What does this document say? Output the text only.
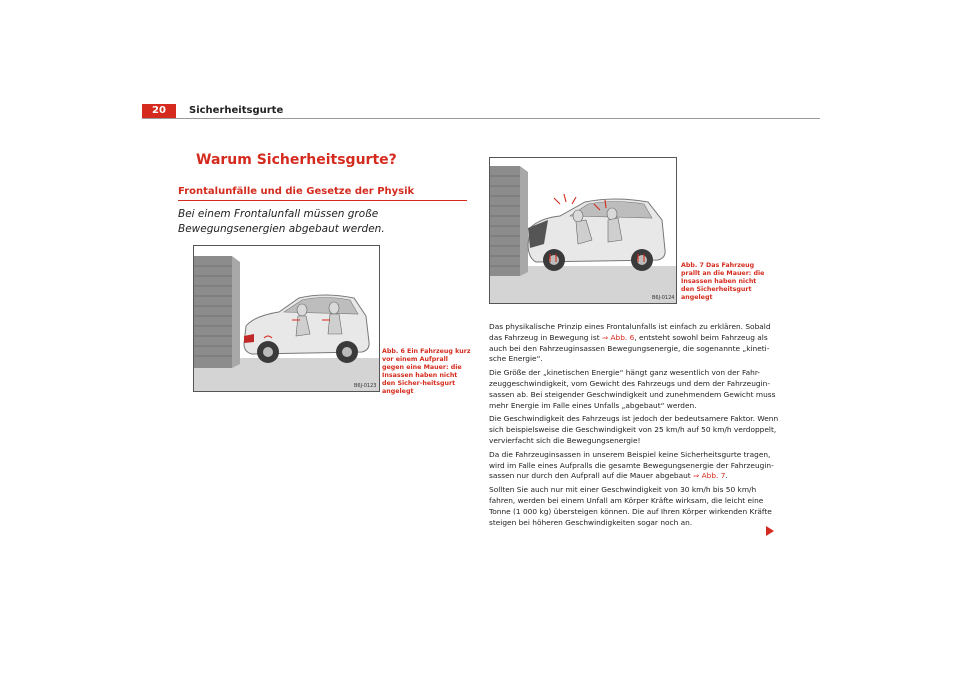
20	Sicherheitsgurte
Warum Sicherheitsgurte?
Frontalunfälle und die Gesetze der Physik
Bei einem Frontalunfall müssen große Bewegungsenergien abgebaut werden.
B6J-0123
Abb. 6 Ein Fahrzeug kurz vor einem Aufprall gegen eine Mauer: die Insassen haben nicht den Sicher-heitsgurt angelegt
B6J-0124
Abb. 7 Das Fahrzeug prallt an die Mauer: die Insassen haben nicht den Sicherheitsgurt angelegt

Das physikalische Prinzip eines Frontalunfalls ist einfach zu erklären. Sobald das Fahrzeug in Bewegung ist ⇒ Abb. 6, entsteht sowohl beim Fahrzeug als auch bei den Fahrzeuginsassen Bewegungsenergie, die sogenannte „kineti-sche Energie“.

Die Größe der „kinetischen Energie“ hängt ganz wesentlich von der Fahr-zeuggeschwindigkeit, vom Gewicht des Fahrzeugs und dem der Fahrzeugin-sassen ab. Bei steigender Geschwindigkeit und zunehmendem Gewicht muss mehr Energie im Falle eines Unfalls „abgebaut“ werden.

Die Geschwindigkeit des Fahrzeugs ist jedoch der bedeutsamere Faktor. Wenn sich beispielsweise die Geschwindigkeit von 25 km/h auf 50 km/h verdoppelt, vervierfacht sich die Bewegungsenergie!

Da die Fahrzeuginsassen in unserem Beispiel keine Sicherheitsgurte tragen, wird im Falle eines Aufpralls die gesamte Bewegungsenergie der Fahrzeugin-sassen nur durch den Aufprall auf die Mauer abgebaut ⇒ Abb. 7.

Sollten Sie auch nur mit einer Geschwindigkeit von 30 km/h bis 50 km/h fahren, werden bei einem Unfall am Körper Kräfte wirksam, die leicht eine Tonne (1 000 kg) übersteigen können. Die auf Ihren Körper wirkenden Kräfte steigen bei höheren Geschwindigkeiten sogar noch an.
